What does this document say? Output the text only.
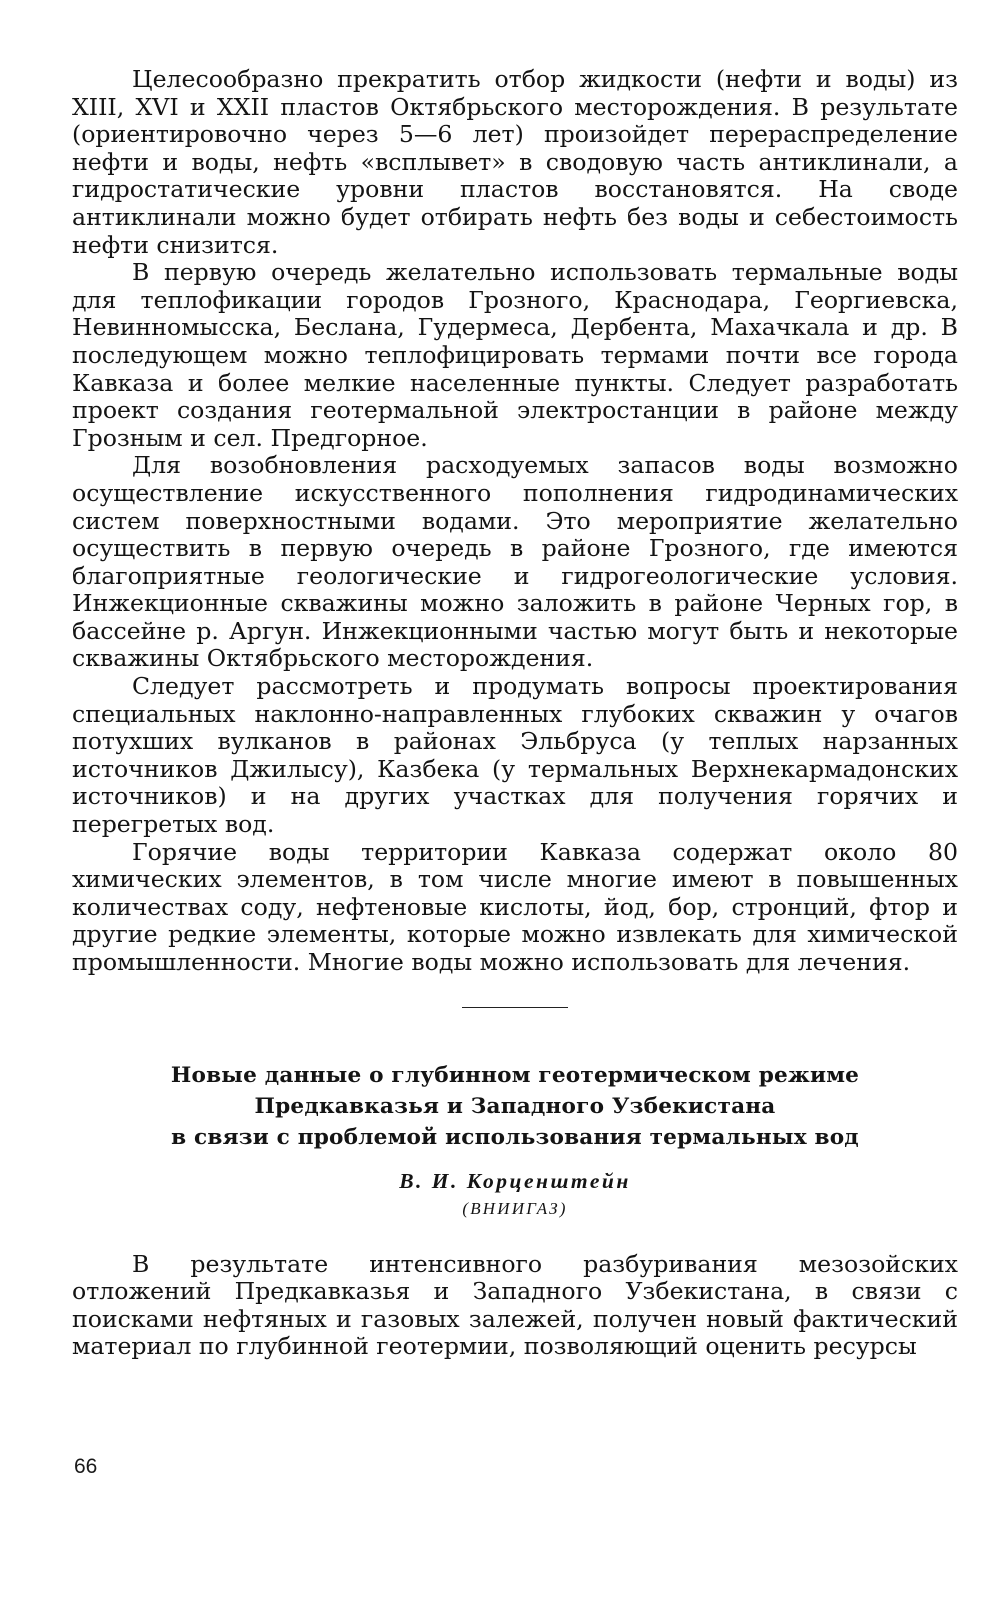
Целесообразно прекратить отбор жидкости (нефти и воды) из XIII, XVI и XXII пластов Октябрьского месторождения. В результате (ориентировочно через 5—6 лет) произойдет перераспределение нефти и воды, нефть «всплывет» в сводовую часть антиклинали, а гидростатические уровни пластов восстановятся. На своде антиклинали можно будет отбирать нефть без воды и себестоимость нефти снизится.

В первую очередь желательно использовать термальные воды для теплофикации городов Грозного, Краснодара, Георгиевска, Невинномысска, Беслана, Гудермеса, Дербента, Махачкала и др. В последующем можно теплофицировать термами почти все города Кавказа и более мелкие населенные пункты. Следует разработать проект создания геотермальной электростанции в районе между Грозным и сел. Предгорное.

Для возобновления расходуемых запасов воды возможно осуществление искусственного пополнения гидродинамических систем поверхностными водами. Это мероприятие желательно осуществить в первую очередь в районе Грозного, где имеются благоприятные геологические и гидрогеологические условия. Инжекционные скважины можно заложить в районе Черных гор, в бассейне р. Аргун. Инжекционными частью могут быть и некоторые скважины Октябрьского месторождения.

Следует рассмотреть и продумать вопросы проектирования специальных наклонно-направленных глубоких скважин у очагов потухших вулканов в районах Эльбруса (у теплых нарзанных источников Джилысу), Казбека (у термальных Верхнекармадонских источников) и на других участках для получения горячих и перегретых вод.

Горячие воды территории Кавказа содержат около 80 химических элементов, в том числе многие имеют в повышенных количествах соду, нефтеновые кислоты, йод, бор, стронций, фтор и другие редкие элементы, которые можно извлекать для химической промышленности. Многие воды можно использовать для лечения.

Новые данные о глубинном геотермическом режиме
Предкавказья и Западного Узбекистана
в связи с проблемой использования термальных вод
В. И. Корценштейн
(ВНИИГАЗ)

В результате интенсивного разбуривания мезозойских отложений Предкавказья и Западного Узбекистана, в связи с поисками нефтяных и газовых залежей, получен новый фактический материал по глубинной геотермии, позволяющий оценить ресурсы

66
